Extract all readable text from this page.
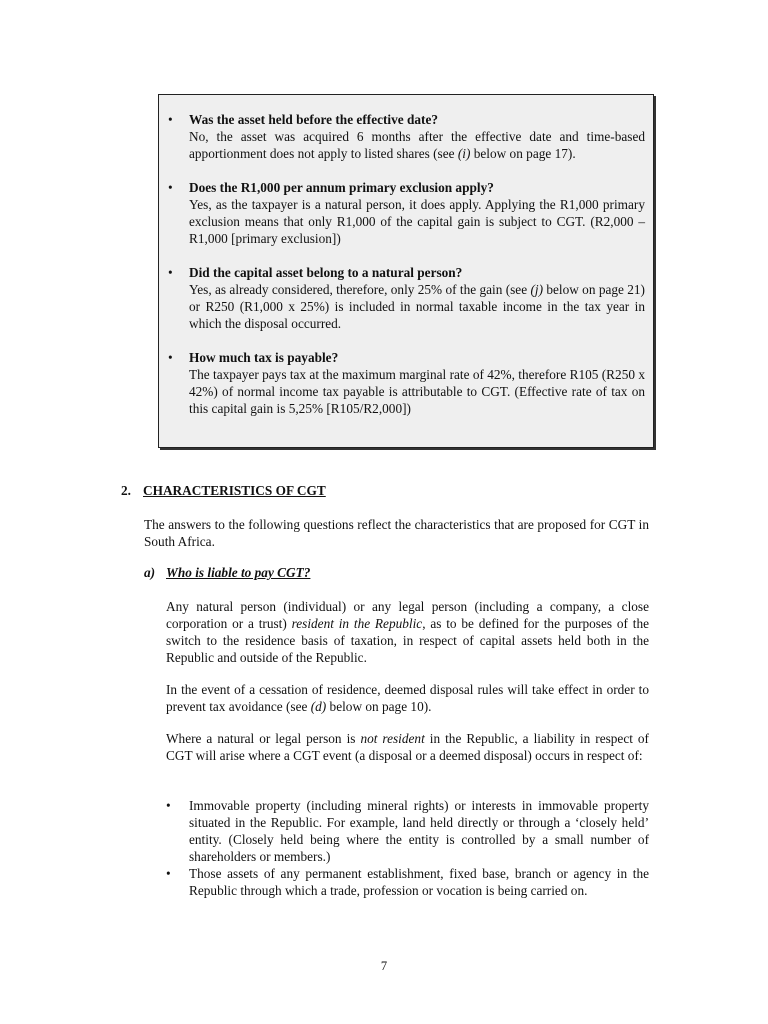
• Was the asset held before the effective date?
No, the asset was acquired 6 months after the effective date and time-based apportionment does not apply to listed shares (see (i) below on page 17).
• Does the R1,000 per annum primary exclusion apply?
Yes, as the taxpayer is a natural person, it does apply. Applying the R1,000 primary exclusion means that only R1,000 of the capital gain is subject to CGT. (R2,000 – R1,000 [primary exclusion])
• Did the capital asset belong to a natural person?
Yes, as already considered, therefore, only 25% of the gain (see (j) below on page 21) or R250 (R1,000 x 25%) is included in normal taxable income in the tax year in which the disposal occurred.
• How much tax is payable?
The taxpayer pays tax at the maximum marginal rate of 42%, therefore R105 (R250 x 42%) of normal income tax payable is attributable to CGT. (Effective rate of tax on this capital gain is 5,25% [R105/R2,000])
2. CHARACTERISTICS OF CGT
The answers to the following questions reflect the characteristics that are proposed for CGT in South Africa.
a) Who is liable to pay CGT?
Any natural person (individual) or any legal person (including a company, a close corporation or a trust) resident in the Republic, as to be defined for the purposes of the switch to the residence basis of taxation, in respect of capital assets held both in the Republic and outside of the Republic.
In the event of a cessation of residence, deemed disposal rules will take effect in order to prevent tax avoidance (see (d) below on page 10).
Where a natural or legal person is not resident in the Republic, a liability in respect of CGT will arise where a CGT event (a disposal or a deemed disposal) occurs in respect of:
• Immovable property (including mineral rights) or interests in immovable property situated in the Republic. For example, land held directly or through a ‘closely held’ entity. (Closely held being where the entity is controlled by a small number of shareholders or members.)
• Those assets of any permanent establishment, fixed base, branch or agency in the Republic through which a trade, profession or vocation is being carried on.
7
